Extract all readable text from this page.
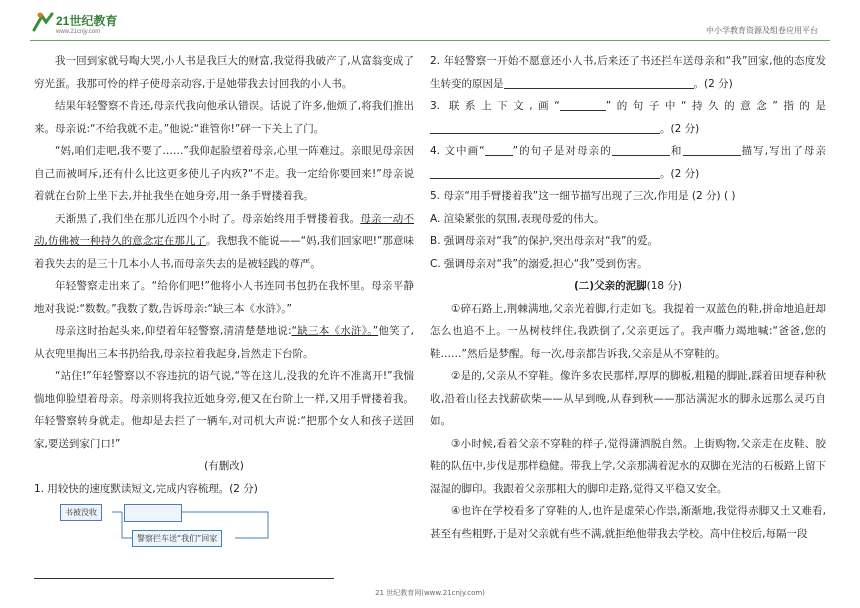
21世纪教育
www.21cnjy.com	中小学教育资源及组卷应用平台

我一回到家就号啕大哭,小人书是我巨大的财富,我觉得我破产了,从富翁变成了穷光蛋。我那可怜的样子使母亲动容,于是她带我去讨回我的小人书。

结果年轻警察不肯还,母亲代我向他承认错误。话说了许多,他烦了,将我们推出来。母亲说:“不给我就不走。”他说:“谁管你!”砰一下关上了门。

“妈,咱们走吧,我不要了……”我仰起脸望着母亲,心里一阵难过。亲眼见母亲因自己而被呵斥,还有什么比这更多使儿子内疚?“不走。我一定给你要回来!”母亲说着就在台阶上坐下去,并扯我坐在她身旁,用一条手臂搂着我。

天渐黑了,我们坐在那儿近四个小时了。母亲始终用手臂搂着我。母亲一动不动,仿佛被一种持久的意念定在那儿了。我想我不能说——“妈,我们回家吧!”那意味着我失去的是三十几本小人书,而母亲失去的是被轻践的尊严。

年轻警察走出来了。“给你们吧!”他将小人书连同书包扔在我怀里。母亲平静地对我说:“数数。”我数了数,告诉母亲:“缺三本《水浒》。”

母亲这时抬起头来,仰望着年轻警察,清清楚楚地说:“缺三本《水浒》。”他笑了,从衣兜里掏出三本书扔给我,母亲拉着我起身,旨然走下台阶。

“站住!”年轻警察以不容违抗的语气说,“等在这儿,没我的允许不准离开!”我惴惴地仰脸望着母亲。母亲则将我拉近她身旁,便又在台阶上一样,又用手臂搂着我。年轻警察转身就走。他却是去拦了一辆车,对司机大声说:“把那个女人和孩子送回家,要送到家门口!”

(有删改)

1. 用较快的速度默读短文,完成内容梳理。(2 分)

书被没收
警察拦车送“我们”回家

2. 年轻警察一开始不愿意还小人书,后来还了书还拦车送母亲和“我”回家,他的态度发生转变的原因是	。(2 分)

3. 联系上下文,画“	”的句子中“持久的意念”指的是。(2 分)

4. 文中画“	”的句子是对母亲的	和	描写,写出了母亲。(2 分)

5. 母亲“用手臂搂着我”这一细节描写出现了三次,作用是 (2 分) ( )

A. 渲染紧张的氛围,表现母爱的伟大。

B. 强调母亲对“我”的保护,突出母亲对“我”的爱。

C. 强调母亲对“我”的溺爱,担心“我”受到伤害。

(二)父亲的泥脚(18 分)

①碎石路上,荆棘满地,父亲光着脚,行走如飞。我提着一双蓝色的鞋,拼命地追赶却怎么也追不上。一丛树枝绊住,我跌倒了,父亲更远了。我声嘶力竭地喊:“爸爸,您的鞋……”然后是梦醒。每一次,母亲都告诉我,父亲是从不穿鞋的。

②是的,父亲从不穿鞋。像许多农民那样,厚厚的脚板,粗糙的脚趾,踩着田埂春种秋收,沿着山径去找薪砍柴——从早到晚,从春到秋——那沾满泥水的脚永远那么灵巧自如。

③小时候,看着父亲不穿鞋的样子,觉得潇洒脱自然。上街购物,父亲走在皮鞋、胶鞋的队伍中,步伐是那样稳健。带我上学,父亲那满着泥水的双脚在光洁的石板路上留下湿湿的脚印。我跟着父亲那粗大的脚印走路,觉得又平稳又安全。

④也许在学校看多了穿鞋的人,也许是虚荣心作祟,渐渐地,我觉得赤脚又土又难看,甚至有些粗野,于是对父亲就有些不满,就拒绝他带我去学校。高中住校后,每隔一段

21 世纪教育网(www.21cnjy.com)
